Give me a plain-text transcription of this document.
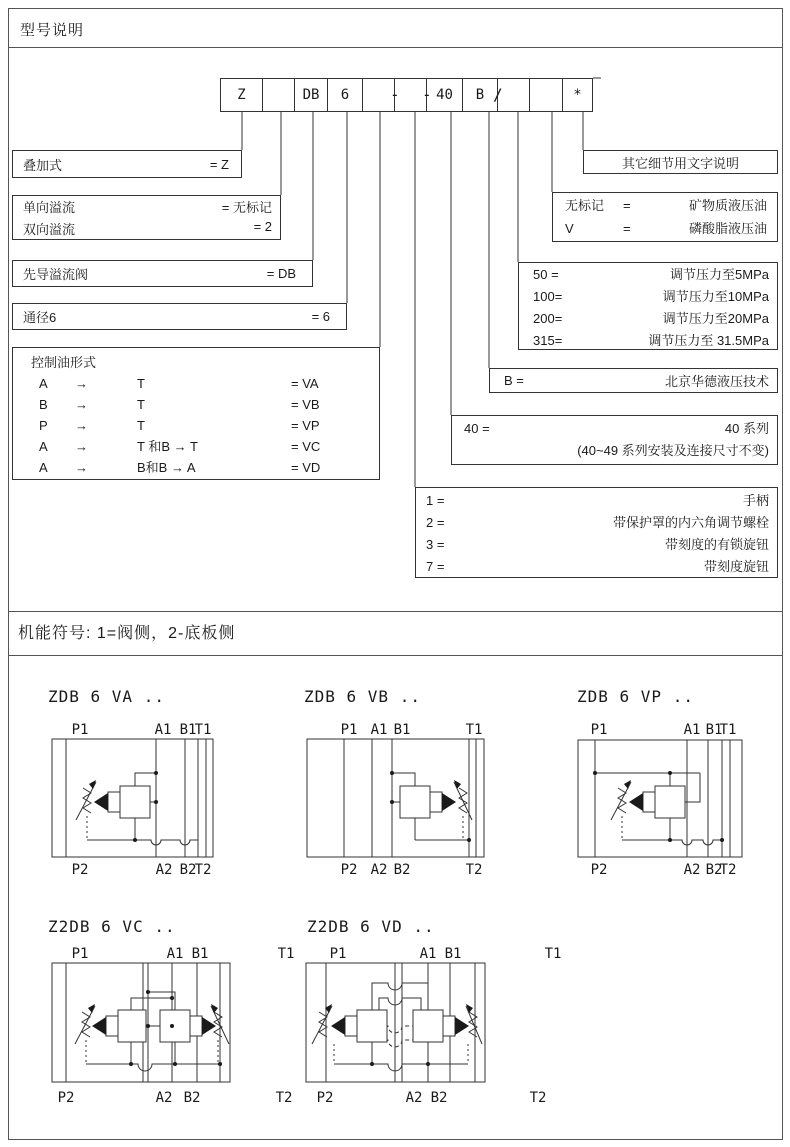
型号说明
Z	DB	6	40	B	*
- -	/
叠加式	= Z
单向溢流	= 无标记
双向溢流	= 2
先导溢流阀	= DB
通径6	= 6
控制油形式
A	→	T	= VA
B	→	T	= VB
P	→	T	= VP
A	→	T 和B → T	= VC
A	→	B和B → A	= VD
其它细节用文字说明
无标记	=	矿物质液压油
V	=	磷酸脂液压油
50 =	调节压力至5MPa
100=	调节压力至10MPa
200=	调节压力至20MPa
315=	调节压力至 31.5MPa
B =	北京华德液压技术
40 =	40 系列
(40~49 系列安装及连接尺寸不变)
1 =	手柄
2 =	带保护罩的内六角调节螺栓
3 =	带刻度的有锁旋钮
7 =	带刻度旋钮
机能符号: 1=阀侧，2-底板侧
ZDB 6 VA ..
P1	A1 B1
T1
P2	A2 B2
T2
ZDB 6 VB ..
P1 A1 B1	T1
P2 A2 B2	T2
ZDB 6 VP ..
P1	A1 B1
T1
P2	A2 B2
T2
Z2DB 6 VC ..
P1	A1 B1	T1
P2	A2 B2	T2
Z2DB 6 VD ..
P1	A1 B1	T1
P2	A2 B2	T2
